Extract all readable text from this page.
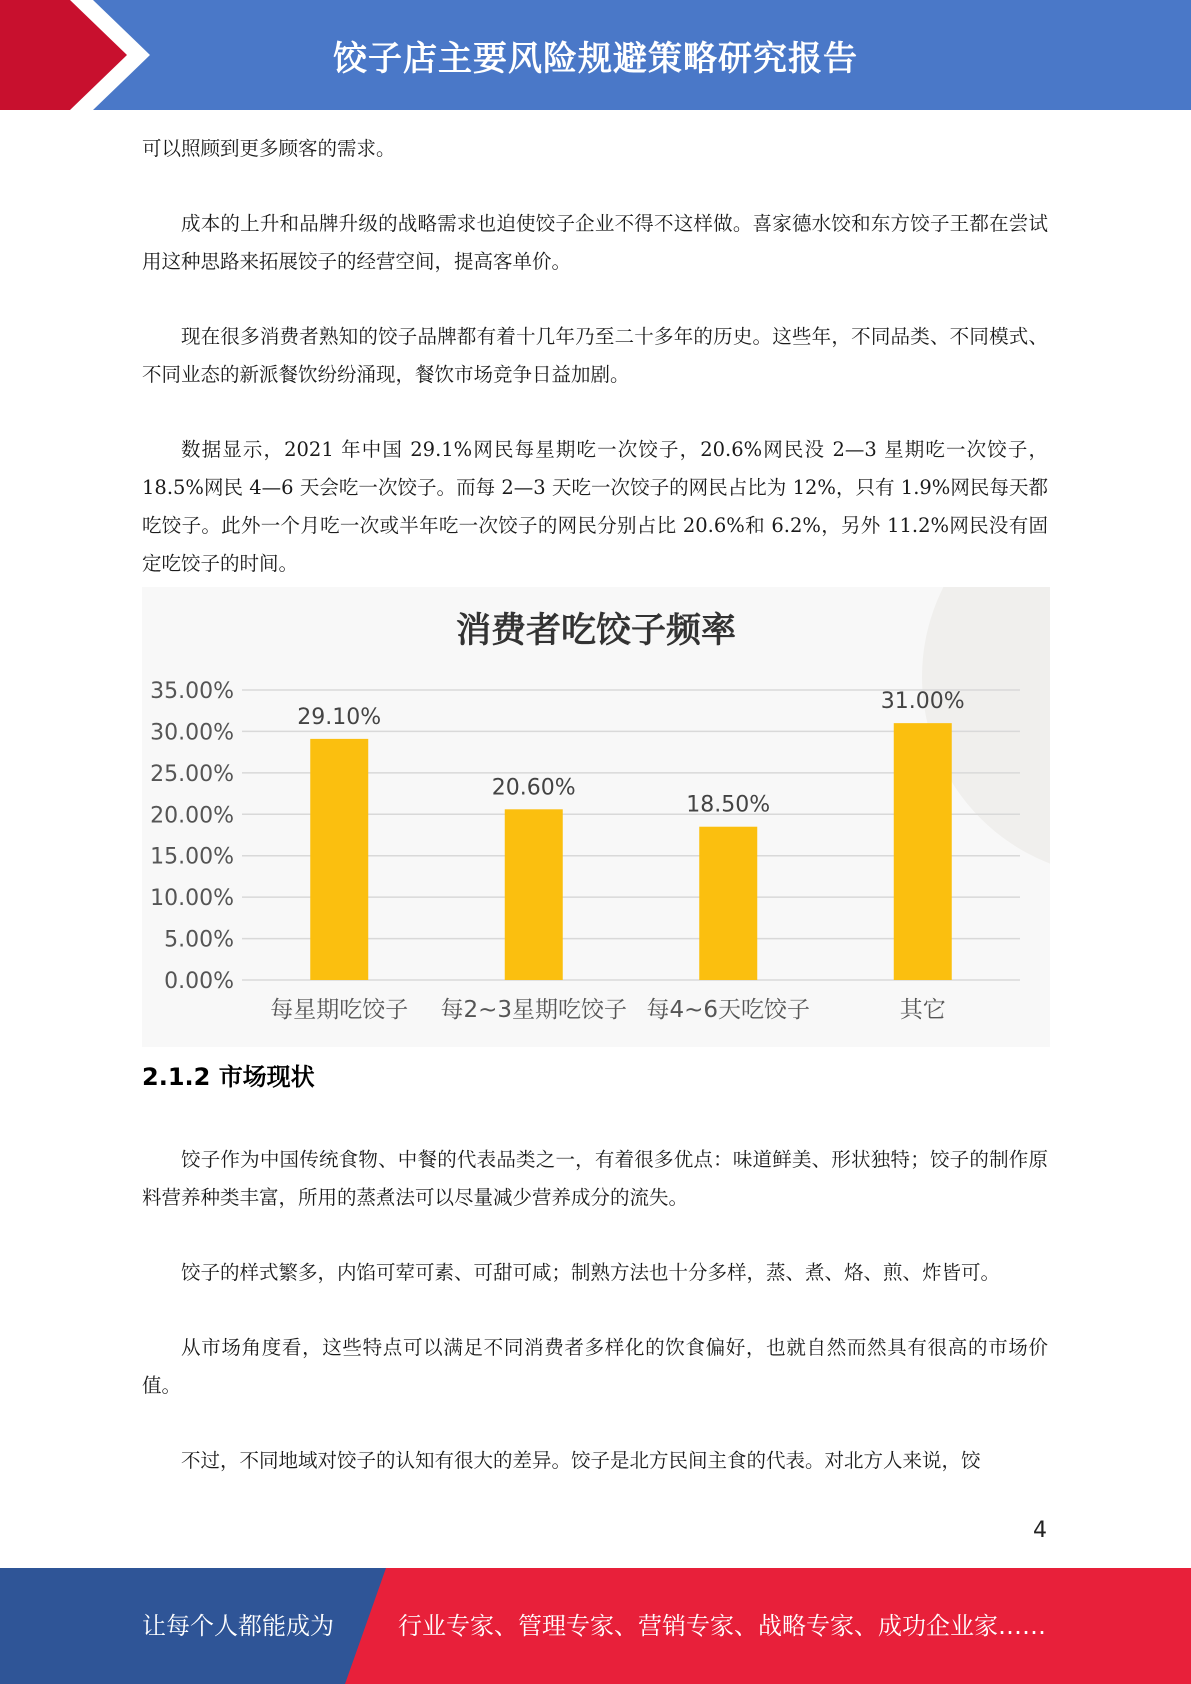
饺子店主要风险规避策略研究报告

可以照顾到更多顾客的需求。

成本的上升和品牌升级的战略需求也迫使饺子企业不得不这样做。喜家德水饺和东方饺子王都在尝试用这种思路来拓展饺子的经营空间，提高客单价。

现在很多消费者熟知的饺子品牌都有着十几年乃至二十多年的历史。这些年，不同品类、不同模式、不同业态的新派餐饮纷纷涌现，餐饮市场竞争日益加剧。

数据显示，2021 年中国 29.1%网民每星期吃一次饺子，20.6%网民没 2—3 星期吃一次饺子，18.5%网民 4—6 天会吃一次饺子。而每 2—3 天吃一次饺子的网民占比为 12%，只有 1.9%网民每天都吃饺子。此外一个月吃一次或半年吃一次饺子的网民分别占比 20.6%和 6.2%，另外 11.2%网民没有固定吃饺子的时间。

消费者吃饺子频率
0.00%
5.00%
10.00%
15.00%
20.00%
25.00%
30.00%
35.00%
29.10%
20.60%
18.50%
31.00%
每星期吃饺子 每2~3星期吃饺子 每4~6天吃饺子	其它
2.1.2 市场现状

饺子作为中国传统食物、中餐的代表品类之一，有着很多优点：味道鲜美、形状独特；饺子的制作原料营养种类丰富，所用的蒸煮法可以尽量减少营养成分的流失。

饺子的样式繁多，内馅可荤可素、可甜可咸；制熟方法也十分多样，蒸、煮、烙、煎、炸皆可。

从市场角度看，这些特点可以满足不同消费者多样化的饮食偏好，也就自然而然具有很高的市场价值。

不过，不同地域对饺子的认知有很大的差异。饺子是北方民间主食的代表。对北方人来说，饺

4
让每个人都能成为	行业专家、管理专家、营销专家、战略专家、成功企业家……
